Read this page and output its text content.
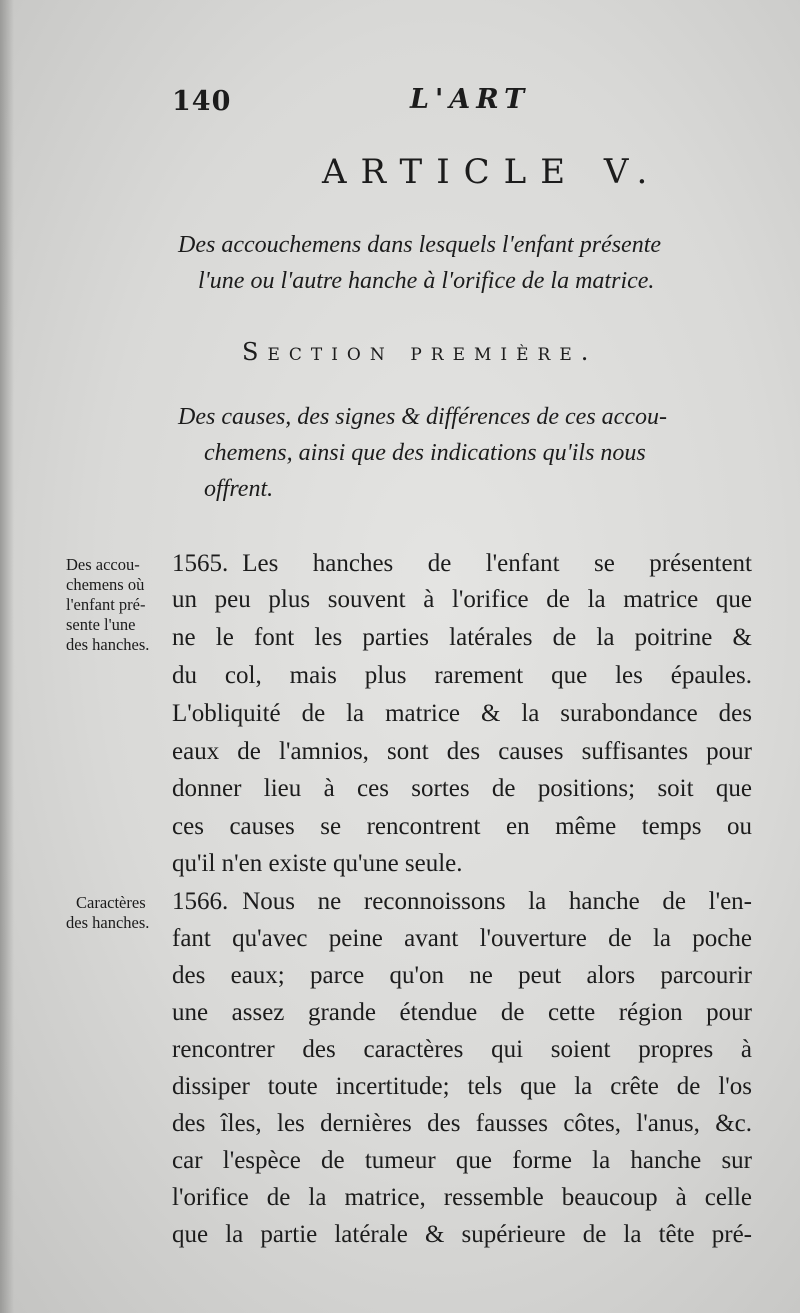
140	L'ART
ARTICLE V.
Des accouchemens dans lesquels l'enfant présente
l'une ou l'autre hanche à l'orifice de la matrice.
Section première.
Des causes, des signes & différences de ces accou-
chemens, ainsi que des indications qu'ils nous
offrent.
Des accou-
chemens où
l'enfant pré-
sente l'une
des hanches.
1565. Les hanches de l'enfant se présentent
un peu plus souvent à l'orifice de la matrice que
ne le font les parties latérales de la poitrine &
du col, mais plus rarement que les épaules.
L'obliquité de la matrice & la surabondance des
eaux de l'amnios, sont des causes suffisantes pour
donner lieu à ces sortes de positions; soit que
ces causes se rencontrent en même temps ou
qu'il n'en existe qu'une seule.
Caractères
des hanches.
1566. Nous ne reconnoissons la hanche de l'en-
fant qu'avec peine avant l'ouverture de la poche
des eaux; parce qu'on ne peut alors parcourir
une assez grande étendue de cette région pour
rencontrer des caractères qui soient propres à
dissiper toute incertitude; tels que la crête de l'os
des îles, les dernières des fausses côtes, l'anus, &c.
car l'espèce de tumeur que forme la hanche sur
l'orifice de la matrice, ressemble beaucoup à celle
que la partie latérale & supérieure de la tête pré-
